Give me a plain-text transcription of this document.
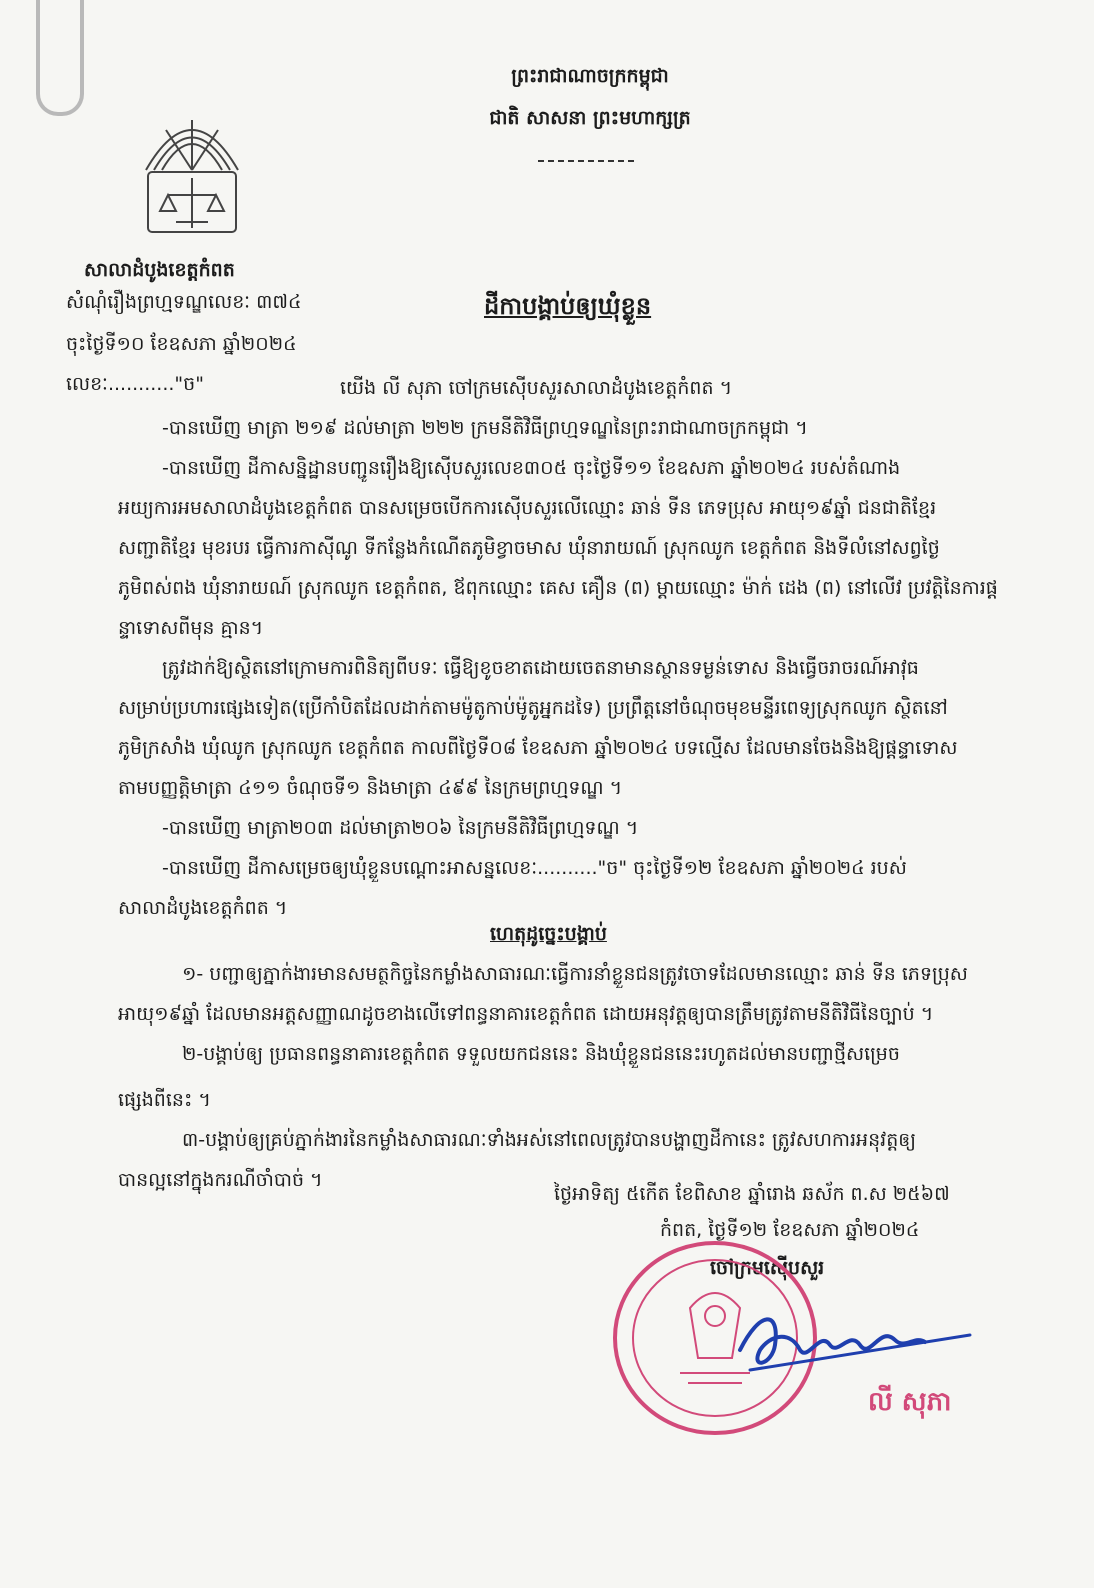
ព្រះរាជាណាចក្រកម្ពុជា
ជាតិ សាសនា ព្រះមហាក្សត្រ
សាលាដំបូងខេត្តកំពត
សំណុំរឿងព្រហ្មទណ្ឌលេខៈ ៣៧៤
ចុះថ្ងៃទី១០ ខែឧសភា ឆ្នាំ២០២៤
លេខៈ..........."ច"
ដីកាបង្គាប់ឲ្យឃុំខ្លួន
យើង លី សុភា ចៅក្រមស៊ើបសួរសាលាដំបូងខេត្តកំពត ។
-បានឃើញ មាត្រា ២១៩ ដល់មាត្រា ២២២ ក្រមនីតិវិធីព្រហ្មទណ្ឌនៃព្រះរាជាណាចក្រកម្ពុជា ។
-បានឃើញ ដីកាសន្និដ្ឋានបញ្ជូនរឿងឱ្យស៊ើបសួរលេខ៣០៥ ចុះថ្ងៃទី១១ ខែឧសភា ឆ្នាំ២០២៤ របស់តំណាង
អយ្យការអមសាលាដំបូងខេត្តកំពត បានសម្រេចបើកការស៊ើបសួរលើឈ្មោះ ឆាន់ ទីន ភេទប្រុស អាយុ១៩ឆ្នាំ ជនជាតិខ្មែរ
សញ្ជាតិខ្មែរ មុខរបរ ធ្វើការកាស៊ីណូ ទីកន្លែងកំណើតភូមិខ្វាចមាស ឃុំនារាយណ៍ ស្រុកឈូក ខេត្តកំពត និងទីលំនៅសព្វថ្ងៃ
ភូមិពស់ពង ឃុំនារាយណ៍ ស្រុកឈូក ខេត្តកំពត, ឪពុកឈ្មោះ គេស គឿន (ព) ម្ដាយឈ្មោះ ម៉ាក់ ដេង (ព) នៅលើវ ប្រវត្តិនៃការផ្ដ
ន្ទាទោសពីមុន គ្មាន។
ត្រូវដាក់ឱ្យស្ថិតនៅក្រោមការពិនិត្យពីបទៈ ធ្វើឱ្យខូចខាតដោយចេតនាមានស្ថានទម្ងន់ទោស និងធ្វើចរាចរណ៍អាវុធ
សម្រាប់ប្រហារផ្សេងទៀត(ប្រើកាំបិតដែលដាក់តាមម៉ូតូកាប់ម៉ូតូអ្នកដទៃ) ប្រព្រឹត្តនៅចំណុចមុខមន្ទីរពេទ្យស្រុកឈូក ស្ថិតនៅ
ភូមិក្រសាំង ឃុំឈូក ស្រុកឈូក ខេត្តកំពត កាលពីថ្ងៃទី០៨ ខែឧសភា ឆ្នាំ២០២៤ បទល្មើស ដែលមានចែងនិងឱ្យផ្ដន្ទាទោស
តាមបញ្ញត្តិមាត្រា ៤១១ ចំណុចទី១ និងមាត្រា ៤៩៩ នៃក្រមព្រហ្មទណ្ឌ ។
-បានឃើញ មាត្រា២០៣ ដល់មាត្រា២០៦ នៃក្រមនីតិវិធីព្រហ្មទណ្ឌ ។
-បានឃើញ ដីកាសម្រេចឲ្យឃុំខ្លួនបណ្ដោះអាសន្នលេខៈ.........."ច" ចុះថ្ងៃទី១២ ខែឧសភា ឆ្នាំ២០២៤ របស់
សាលាដំបូងខេត្តកំពត ។
ហេតុដូច្នេះបង្គាប់
១- បញ្ជាឲ្យភ្នាក់ងារមានសមត្ថកិច្ចនៃកម្លាំងសាធារណៈធ្វើការនាំខ្លួនជនត្រូវចោទដែលមានឈ្មោះ ឆាន់ ទីន ភេទប្រុស
អាយុ១៩ឆ្នាំ ដែលមានអត្តសញ្ញាណដូចខាងលើទៅពន្ធនាគារខេត្តកំពត ដោយអនុវត្តឲ្យបានត្រឹមត្រូវតាមនីតិវិធីនៃច្បាប់ ។
២-បង្គាប់ឲ្យ ប្រធានពន្ធនាគារខេត្តកំពត ទទួលយកជននេះ និងឃុំខ្លួនជននេះរហូតដល់មានបញ្ជាថ្មីសម្រេច
ផ្សេងពីនេះ ។
៣-បង្គាប់ឲ្យគ្រប់ភ្នាក់ងារនៃកម្លាំងសាធារណៈទាំងអស់នៅពេលត្រូវបានបង្ហាញដីកានេះ ត្រូវសហការអនុវត្តឲ្យ
បានល្អនៅក្នុងករណីចាំបាច់ ។
ថ្ងៃអាទិត្យ ៥កើត ខែពិសាខ ឆ្នាំរោង ឆស័ក ព.ស ២៥៦៧
កំពត, ថ្ងៃទី១២ ខែឧសភា ឆ្នាំ២០២៤
ចៅក្រមស៊ើបសួរ
លី សុភា
